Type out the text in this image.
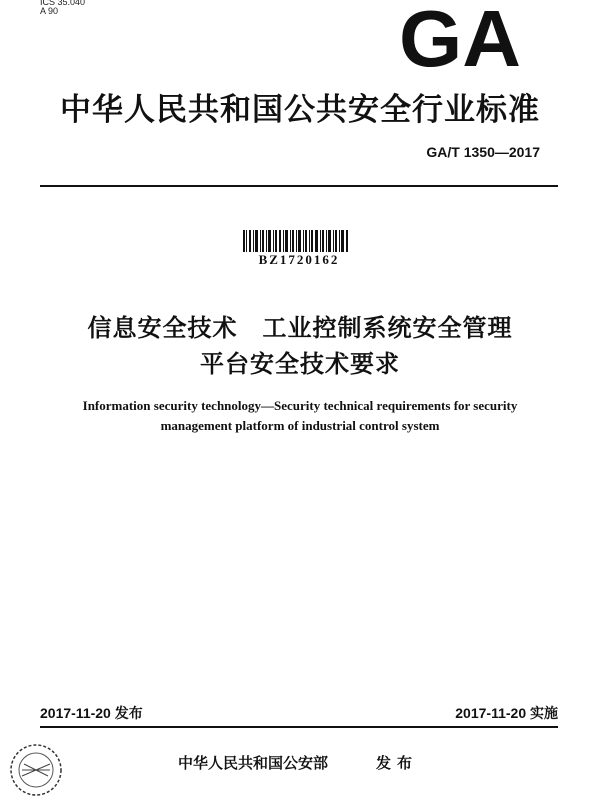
ICS 35.040
A 90	GA
中华人民共和国公共安全行业标准
GA/T 1350—2017
BZ1720162
信息安全技术　工业控制系统安全管理
平台安全技术要求
Information security technology—Security technical requirements for security
management platform of industrial control system
2017-11-20 发布	2017-11-20 实施
中华人民共和国公安部	发布
